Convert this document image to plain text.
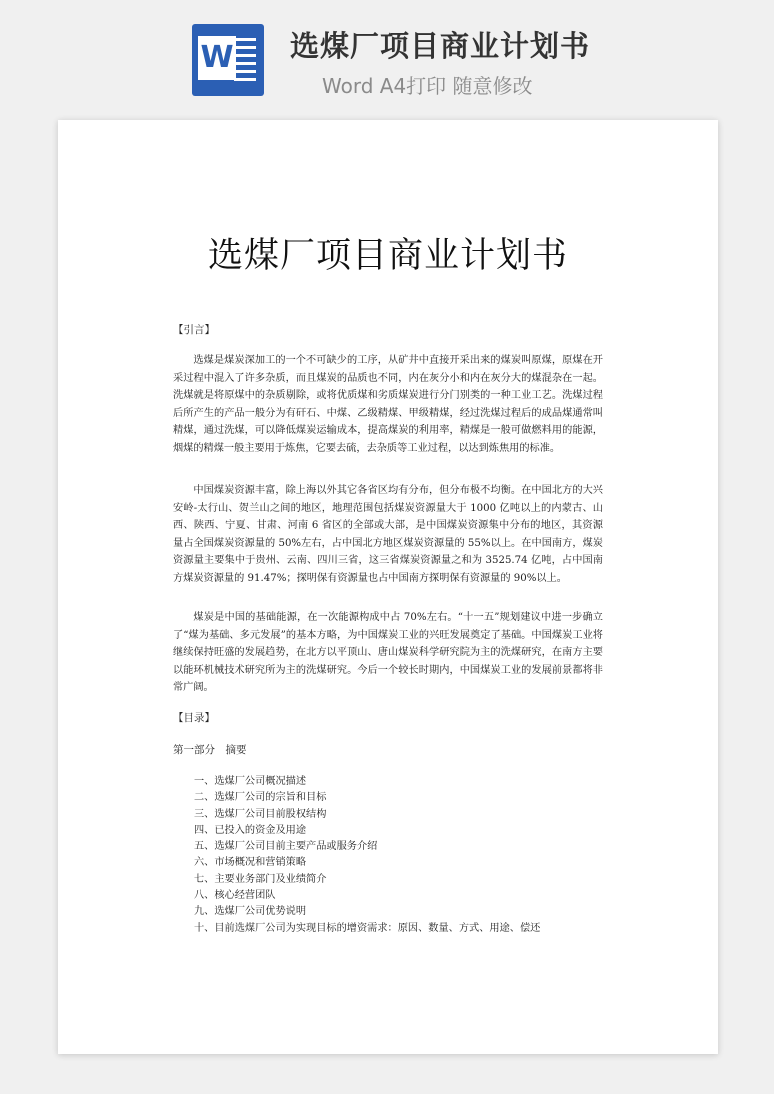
W 选煤厂项目商业计划书
Word A4打印 随意修改
选煤厂项目商业计划书
【引言】

选煤是煤炭深加工的一个不可缺少的工序，从矿井中直接开采出来的煤炭叫原煤，原煤在开采过程中混入了许多杂质，而且煤炭的品质也不同，内在灰分小和内在灰分大的煤混杂在一起。洗煤就是将原煤中的杂质剔除，或将优质煤和劣质煤炭进行分门别类的一种工业工艺。洗煤过程后所产生的产品一般分为有矸石、中煤、乙级精煤、甲级精煤，经过洗煤过程后的成品煤通常叫精煤，通过洗煤，可以降低煤炭运输成本，提高煤炭的利用率，精煤是一般可做燃料用的能源，烟煤的精煤一般主要用于炼焦，它要去硫，去杂质等工业过程，以达到炼焦用的标准。

中国煤炭资源丰富，除上海以外其它各省区均有分布，但分布极不均衡。在中国北方的大兴安岭-太行山、贺兰山之间的地区，地理范围包括煤炭资源量大于 1000 亿吨以上的内蒙古、山西、陕西、宁夏、甘肃、河南 6 省区的全部或大部，是中国煤炭资源集中分布的地区，其资源量占全国煤炭资源量的 50%左右，占中国北方地区煤炭资源量的 55%以上。在中国南方，煤炭资源量主要集中于贵州、云南、四川三省，这三省煤炭资源量之和为 3525.74 亿吨，占中国南方煤炭资源量的 91.47%；探明保有资源量也占中国南方探明保有资源量的 90%以上。

煤炭是中国的基础能源，在一次能源构成中占 70%左右。“十一五”规划建议中进一步确立了“煤为基础、多元发展”的基本方略，为中国煤炭工业的兴旺发展奠定了基础。中国煤炭工业将继续保持旺盛的发展趋势，在北方以平顶山、唐山煤炭科学研究院为主的洗煤研究，在南方主要以能环机械技术研究所为主的洗煤研究。今后一个较长时期内，中国煤炭工业的发展前景都将非常广阔。

【目录】
第一部分　摘要
一、选煤厂公司概况描述
二、选煤厂公司的宗旨和目标
三、选煤厂公司目前股权结构
四、已投入的资金及用途
五、选煤厂公司目前主要产品或服务介绍
六、市场概况和营销策略
七、主要业务部门及业绩简介
八、核心经营团队
九、选煤厂公司优势说明
十、目前选煤厂公司为实现目标的增资需求：原因、数量、方式、用途、偿还
